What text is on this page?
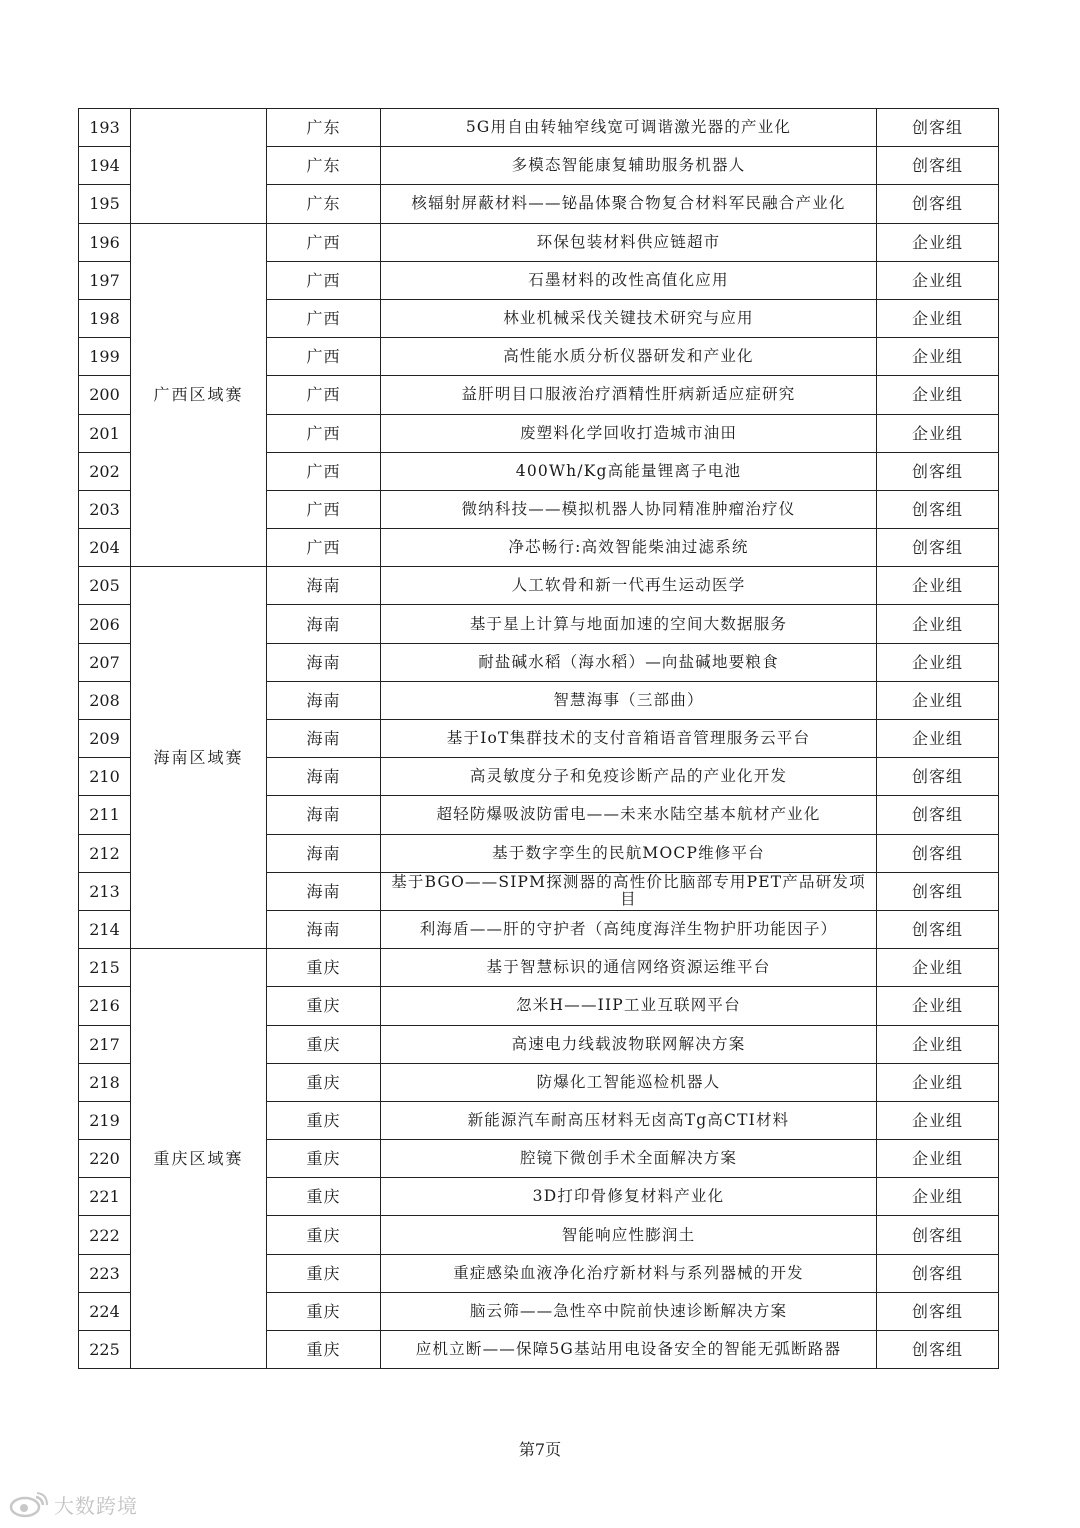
193		广东	5G用自由转轴窄线宽可调谐激光器的产业化	创客组
194		广东	多模态智能康复辅助服务机器人	创客组
195		广东	核辐射屏蔽材料——铋晶体聚合物复合材料军民融合产业化	创客组
196	广西区域赛	广西	环保包装材料供应链超市	企业组
197		广西	石墨材料的改性高值化应用	企业组
198		广西	林业机械采伐关键技术研究与应用	企业组
199		广西	高性能水质分析仪器研发和产业化	企业组
200		广西	益肝明目口服液治疗酒精性肝病新适应症研究	企业组
201		广西	废塑料化学回收打造城市油田	企业组
202		广西	400Wh/Kg高能量锂离子电池	创客组
203		广西	微纳科技——模拟机器人协同精准肿瘤治疗仪	创客组
204		广西	净芯畅行:高效智能柴油过滤系统	创客组
205	海南区域赛	海南	人工软骨和新一代再生运动医学	企业组
206		海南	基于星上计算与地面加速的空间大数据服务	企业组
207		海南	耐盐碱水稻（海水稻）—向盐碱地要粮食	企业组
208		海南	智慧海事（三部曲）	企业组
209		海南	基于IoT集群技术的支付音箱语音管理服务云平台	企业组
210		海南	高灵敏度分子和免疫诊断产品的产业化开发	创客组
211		海南	超轻防爆吸波防雷电——未来水陆空基本航材产业化	创客组
212		海南	基于数字孪生的民航MOCP维修平台	创客组
213		海南	基于BGO——SIPM探测器的高性价比脑部专用PET产品研发项目	创客组
214		海南	利海盾——肝的守护者（高纯度海洋生物护肝功能因子）	创客组
215	重庆区域赛	重庆	基于智慧标识的通信网络资源运维平台	企业组
216		重庆	忽米H——IIP工业互联网平台	企业组
217		重庆	高速电力线载波物联网解决方案	企业组
218		重庆	防爆化工智能巡检机器人	企业组
219		重庆	新能源汽车耐高压材料无卤高Tg高CTI材料	企业组
220		重庆	腔镜下微创手术全面解决方案	企业组
221		重庆	3D打印骨修复材料产业化	企业组
222		重庆	智能响应性膨润土	创客组
223		重庆	重症感染血液净化治疗新材料与系列器械的开发	创客组
224		重庆	脑云筛——急性卒中院前快速诊断解决方案	创客组
225		重庆	应机立断——保障5G基站用电设备安全的智能无弧断路器	创客组
第7页
大数跨境
